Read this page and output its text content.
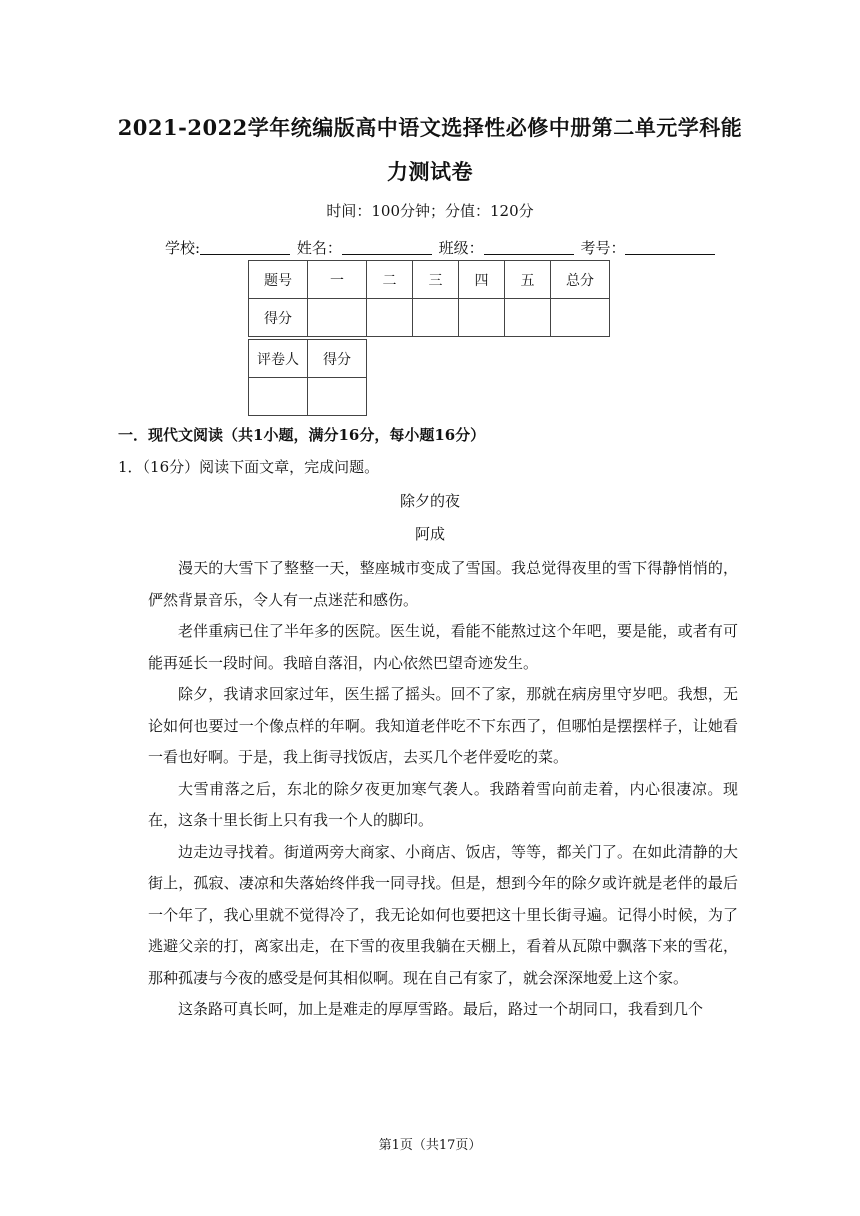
2021-2022学年统编版高中语文选择性必修中册第二单元学科能
力测试卷
时间：100分钟；分值：120分
学校:	姓名：	班级：	考号：
题号	一	二	三	四	五	总分
得分						
评卷人	得分

一．现代文阅读（共1小题，满分16分，每小题16分）
1．（16分）阅读下面文章，完成问题。
除夕的夜
阿成

漫天的大雪下了整整一天，整座城市变成了雪国。我总觉得夜里的雪下得静悄悄的，俨然背景音乐，令人有一点迷茫和感伤。

老伴重病已住了半年多的医院。医生说，看能不能熬过这个年吧，要是能，或者有可能再延长一段时间。我暗自落泪，内心依然巴望奇迹发生。

除夕，我请求回家过年，医生摇了摇头。回不了家，那就在病房里守岁吧。我想，无论如何也要过一个像点样的年啊。我知道老伴吃不下东西了，但哪怕是摆摆样子，让她看一看也好啊。于是，我上街寻找饭店，去买几个老伴爱吃的菜。

大雪甫落之后，东北的除夕夜更加寒气袭人。我踏着雪向前走着，内心很凄凉。现在，这条十里长街上只有我一个人的脚印。

边走边寻找着。街道两旁大商家、小商店、饭店，等等，都关门了。在如此清静的大街上，孤寂、凄凉和失落始终伴我一同寻找。但是，想到今年的除夕或许就是老伴的最后一个年了，我心里就不觉得冷了，我无论如何也要把这十里长街寻遍。记得小时候，为了逃避父亲的打，离家出走，在下雪的夜里我躺在天棚上，看着从瓦隙中飘落下来的雪花，那种孤凄与今夜的感受是何其相似啊。现在自己有家了，就会深深地爱上这个家。

这条路可真长呵，加上是难走的厚厚雪路。最后，路过一个胡同口，我看到几个

第1页（共17页）
